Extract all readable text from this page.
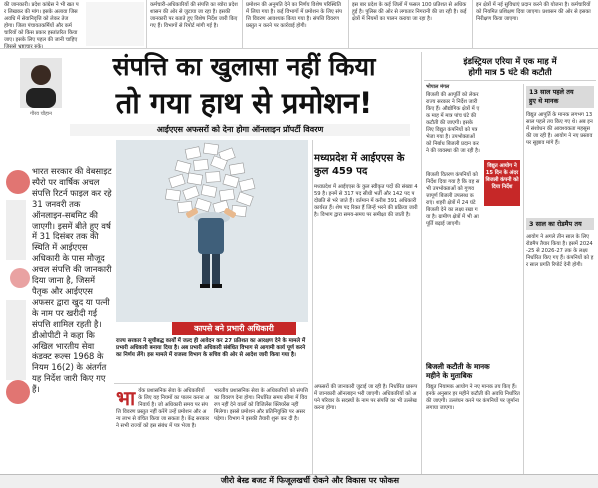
की जानकारी। प्रदेश कांग्रेस ने भी खत पर लिखकर की मांग। इसके अलावा जिस अवधि में सेवानिवृत्ति को लेकर तेज होगा। जिला पंचायतकर्मियों और कर्मचारियों को किस प्रकार हस्तांतरित किया जाए। इसके लिए पहल की जानी चाहिए जिससे भ्रष्टाचार रुके।
कर्मचारी-अधिकारियों की संपत्ति का ब्योरा प्रदेश शासन की ओर से जुटाया जा रहा है। इसकी जानकारी पर बताते हुए विशेष निर्देश जारी किए गए हैं। विभागों से रिपोर्ट मांगी गई है।
प्रमोशन की अनुमति देने का निर्णय विशेष परिस्थिति में लिया गया है। कई विभागों में प्रमोशन के लिए संपत्ति विवरण आवश्यक किया गया है। संपत्ति विवरण प्रस्तुत न करने पर कार्रवाई होगी।
इस बार प्रदेश के कई जिलों में फसल 100 प्रतिशत से अधिक हुई है। पुलिस की ओर से लगातार निगरानी की जा रही है। कई क्षेत्रों में नियमों का पालन कराया जा रहा है।
इन क्षेत्रों में नई सुविधाएं प्रदान करने की योजना है। कर्मचारियों को नियमित प्रशिक्षण दिया जाएगा। प्रशासन की ओर से इसका निरीक्षण किया जाएगा।
गौरव चौहान
संपत्ति का खुलासा नहीं किया
तो गया हाथ से प्रमोशन!
आईएएस अफसरों को देना होगा ऑनलाइन प्रॉपर्टी विवरण
भारत सरकार की वेबसाइट स्पैरो पर वार्षिक अचल संपत्ति रिटर्न फाइल कर रहे 31 जनवरी तक ऑनलाइन-सबमिट की जाएगी। इसमें बीते हुए वर्ष में 31 दिसंबर तक की स्थिति में आईएएस अधिकारी के पास मौजूद अचल संपत्ति की जानकारी दिया जाना है, जिसमें पैतृक और आईएएस अफसर द्वारा खुद या पत्नी के नाम पर खरीदी गई संपत्ति शामिल रहती है। डीओपीटी ने कहा कि अखिल भारतीय सेवा कंडक्ट रूल्स 1968 के नियम 16(2) के अंतर्गत यह निर्देश जारी किए गए हैं।
कापसे बने प्रभारी अधिकारी
राज्य सरकार ने सूचीबद्ध कार्यों में जल्द ही आवेदन कर 27 प्रतिशत का आरक्षण देने के मामले में प्रभारी अधिकारी बनाया दिया है। अब प्रभारी अधिकारी संबंधित विभाग से आगामी कार्य पूर्ण करने का निर्णय लेंगे। इस मामले में राजस्व विभाग के सचिव की ओर से आदेश जारी किया गया है।
भार्यक प्रशासनिक सेवा के अधिकारियों के लिए यह नियमों का पालन करना अनिवार्य है। जो अधिकारी समय पर संपत्ति विवरण प्रस्तुत नहीं करेंगे उन्हें प्रमोशन और अन्य लाभ से वंचित किया जा सकता है। केंद्र सरकार ने सभी राज्यों को इस संबंध में पत्र भेजा है।
भारतीय प्रशासनिक सेवा के अधिकारियों को संपत्ति का विवरण देना होगा। निर्धारित समय सीमा में विवरण नहीं देने वालों को विजिलेंस क्लियरेंस नहीं मिलेगा। इससे प्रमोशन और प्रतिनियुक्ति पर असर पड़ेगा। विभाग ने इसकी तैयारी शुरू कर दी है।
मध्यप्रदेश में आईएएस के
कुल 459 पद
मध्यप्रदेश में आईएएस के कुल स्वीकृत पदों की संख्या 459 है। इनमें से 317 पद सीधी भर्ती और 142 पद पदोन्नति से भरे जाते हैं। वर्तमान में करीब 391 अधिकारी कार्यरत हैं। शेष पद रिक्त हैं जिन्हें भरने की प्रक्रिया जारी है। विभाग द्वारा समय-समय पर समीक्षा की जाती है।
अफसरों की जानकारी जुटाई जा रही है। निर्धारित प्रारूप में जानकारी ऑनलाइन भरी जाएगी। अधिकारियों को अपने परिवार के सदस्यों के नाम पर संपत्ति का भी उल्लेख करना होगा।
इंडस्ट्रियल एरिया में एक माह में
होगी मात्र 5 घंटे की कटौती
भोपाल मंगल
बिजली की आपूर्ति को लेकर राज्य सरकार ने निर्देश जारी किए हैं। औद्योगिक क्षेत्रों में एक माह में मात्र पांच घंटे की कटौती की जाएगी। इसके लिए विद्युत कंपनियों को पत्र भेजा गया है। उपभोक्ताओं को निर्बाध बिजली प्रदान करने की व्यवस्था की जा रही है।
विद्युत आयोग ने 15 दिन के अंदर बिजली कंपनी को दिया निर्देश
बिजली वितरण कंपनियों को निर्देश दिया गया है कि वह सभी उपभोक्ताओं को गुणवत्तापूर्ण बिजली उपलब्ध कराएं। शहरी क्षेत्रों में 24 घंटे बिजली देने का लक्ष्य रखा गया है। ग्रामीण क्षेत्रों में भी आपूर्ति बढ़ाई जाएगी।
बिजली कटौती के मानक
महीने के मुताबिक
विद्युत नियामक आयोग ने नए मानक तय किए हैं। इनके अनुसार हर महीने कटौती की अवधि निर्धारित की जाएगी। उल्लंघन करने पर कंपनियों पर जुर्माना लगाया जाएगा।
13 साल पहले तय
हुए थे मानक
विद्युत आपूर्ति के मानक लगभग 13 साल पहले तय किए गए थे। अब इनमें संशोधन की आवश्यकता महसूस की जा रही है। आयोग ने नए प्रस्ताव पर सुझाव मांगे हैं।
3 साल का रोडमैप तय
आयोग ने अगले तीन साल के लिए रोडमैप तैयार किया है। इसमें 2024-25 से 2026-27 तक के लक्ष्य निर्धारित किए गए हैं। कंपनियों को हर साल प्रगति रिपोर्ट देनी होगी।
जीरो बेस्ड बजट में फिजूलखर्ची रोकने और विकास पर फोकस
